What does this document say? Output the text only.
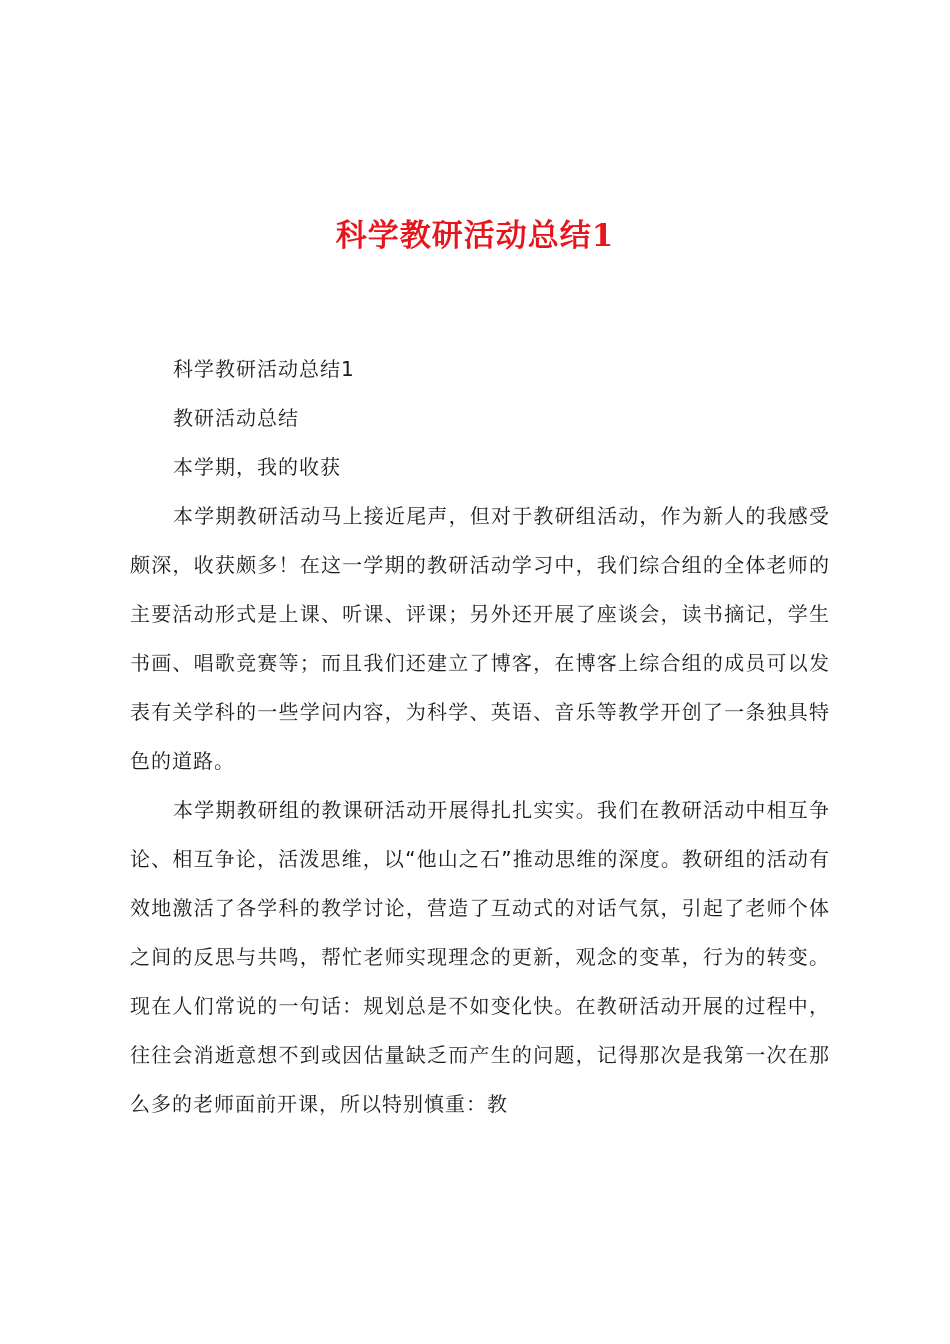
科学教研活动总结1

科学教研活动总结1

教研活动总结

本学期，我的收获

本学期教研活动马上接近尾声，但对于教研组活动，作为新人的我感受颇深，收获颇多！在这一学期的教研活动学习中，我们综合组的全体老师的主要活动形式是上课、听课、评课；另外还开展了座谈会，读书摘记，学生书画、唱歌竞赛等；而且我们还建立了博客，在博客上综合组的成员可以发表有关学科的一些学问内容，为科学、英语、音乐等教学开创了一条独具特色的道路。

本学期教研组的教课研活动开展得扎扎实实。我们在教研活动中相互争论、相互争论，活泼思维，以“他山之石”推动思维的深度。教研组的活动有效地激活了各学科的教学讨论，营造了互动式的对话气氛，引起了老师个体之间的反思与共鸣，帮忙老师实现理念的更新，观念的变革，行为的转变。现在人们常说的一句话：规划总是不如变化快。在教研活动开展的过程中，往往会消逝意想不到或因估量缺乏而产生的问题，记得那次是我第一次在那么多的老师面前开课，所以特别慎重：教
